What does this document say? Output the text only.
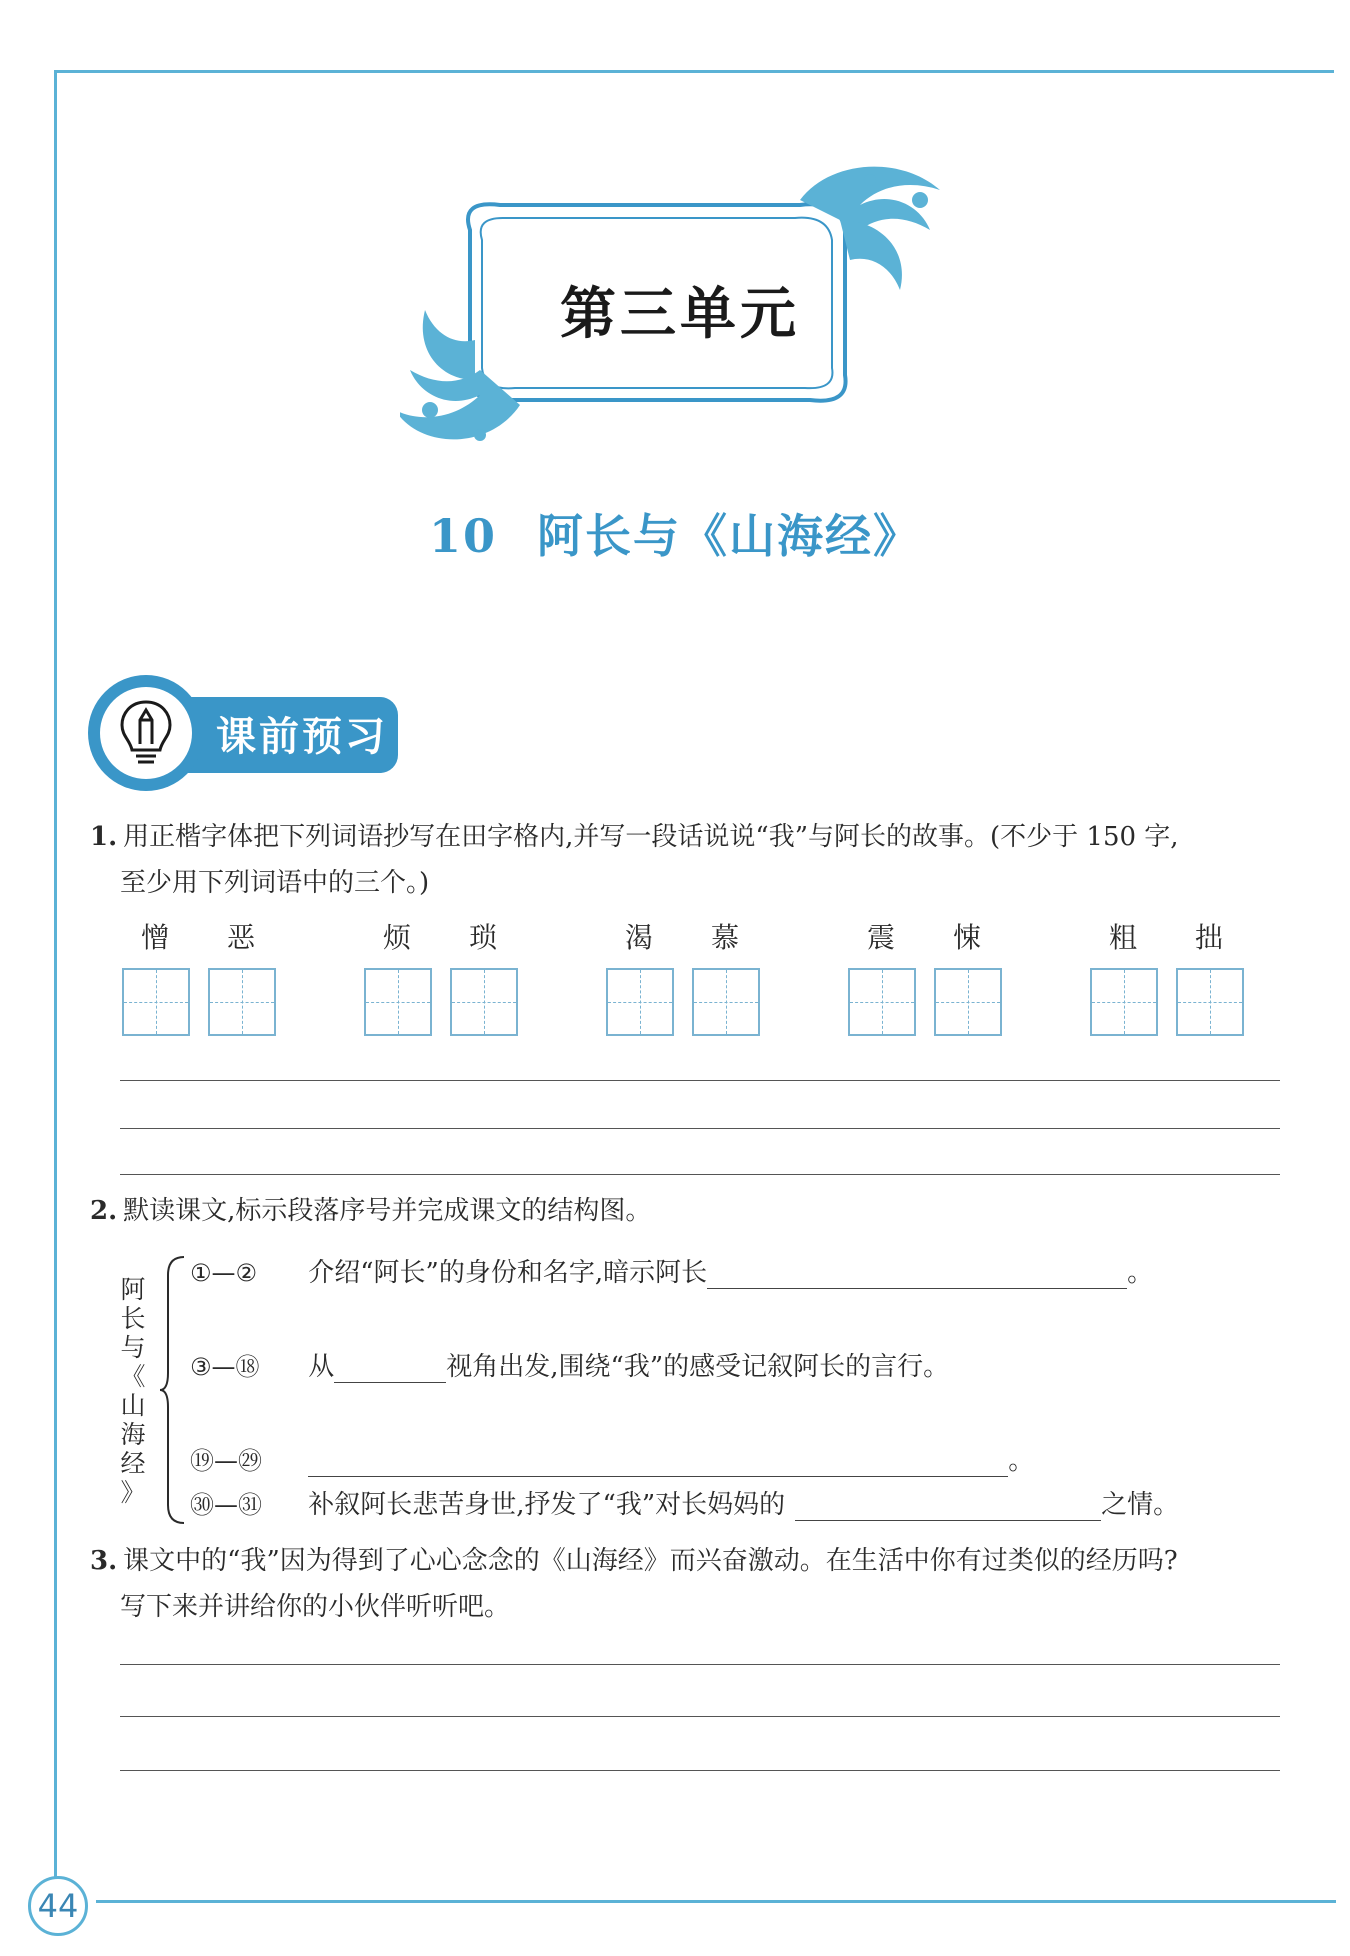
44
第三单元
10 阿长与《山海经》
课前预习
1. 用正楷字体把下列词语抄写在田字格内,并写一段话说说“我”与阿长的故事。(不少于 150 字,
至少用下列词语中的三个。)
憎	恶	烦	琐	渴	慕	震	悚	粗	拙
2. 默读课文,标示段落序号并完成课文的结构图。
阿
长
与
《
山
海
经
》
①—② 介绍“阿长”的身份和名字,暗示阿长	。
③—⑱ 从	视角出发,围绕“我”的感受记叙阿长的言行。
⑲—㉙	。
㉚—㉛ 补叙阿长悲苦身世,抒发了“我”对长妈妈的	之情。
3. 课文中的“我”因为得到了心心念念的《山海经》而兴奋激动。在生活中你有过类似的经历吗?
写下来并讲给你的小伙伴听听吧。
